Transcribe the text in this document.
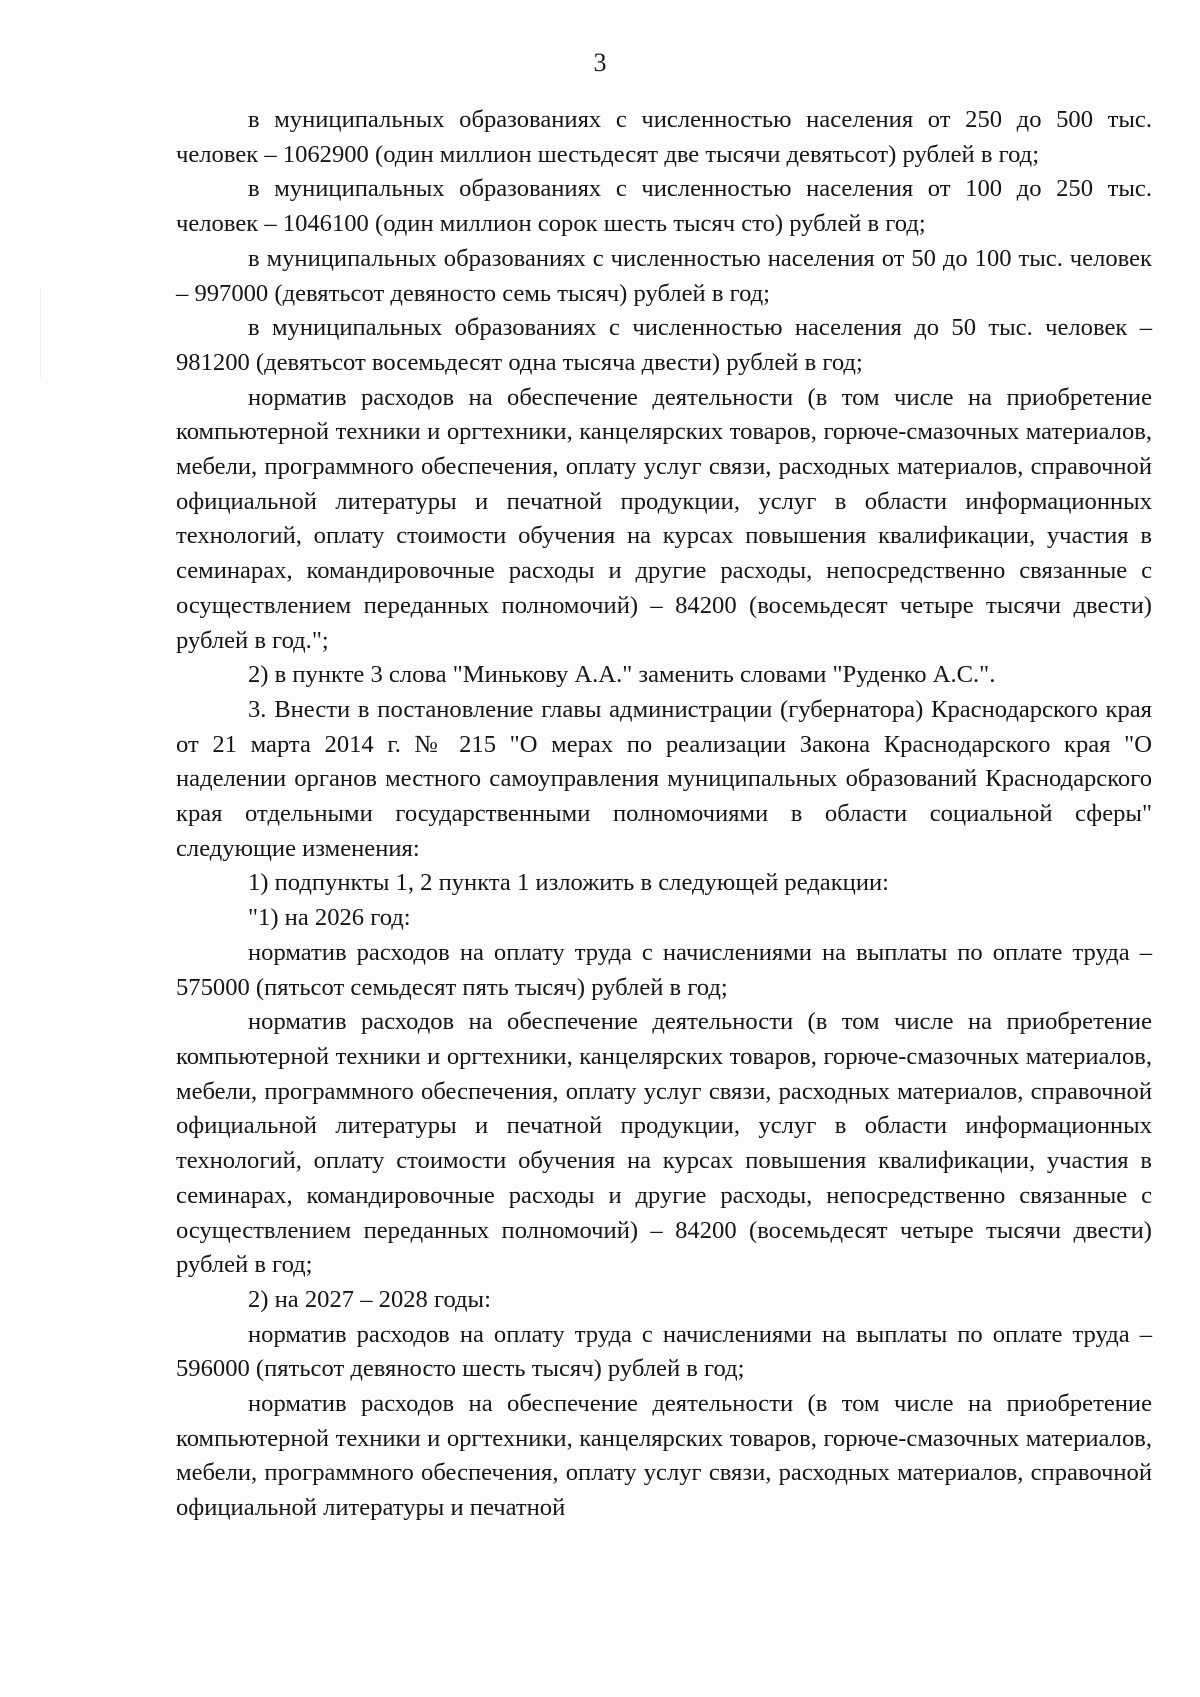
3

в муниципальных образованиях с численностью населения от 250 до 500 тыс. человек – 1062900 (один миллион шестьдесят две тысячи девятьсот) рублей в год;

в муниципальных образованиях с численностью населения от 100 до 250 тыс. человек – 1046100 (один миллион сорок шесть тысяч сто) рублей в год;

в муниципальных образованиях с численностью населения от 50 до 100 тыс. человек – 997000 (девятьсот девяносто семь тысяч) рублей в год;

в муниципальных образованиях с численностью населения до 50 тыс. человек – 981200 (девятьсот восемьдесят одна тысяча двести) рублей в год;

норматив расходов на обеспечение деятельности (в том числе на приобретение компьютерной техники и оргтехники, канцелярских товаров, горюче-смазочных материалов, мебели, программного обеспечения, оплату услуг связи, расходных материалов, справочной официальной литературы и печатной продукции, услуг в области информационных технологий, оплату стоимости обучения на курсах повышения квалификации, участия в семинарах, командировочные расходы и другие расходы, непосредственно связанные с осуществлением переданных полномочий) – 84200 (восемьдесят четыре тысячи двести) рублей в год.";

2) в пункте 3 слова "Минькову А.А." заменить словами "Руденко А.С.".

3. Внести в постановление главы администрации (губернатора) Краснодарского края от 21 марта 2014 г. № 215 "О мерах по реализации Закона Краснодарского края "О наделении органов местного самоуправления муниципальных образований Краснодарского края отдельными государственными полномочиями в области социальной сферы" следующие изменения:

1) подпункты 1, 2 пункта 1 изложить в следующей редакции:

"1) на 2026 год:

норматив расходов на оплату труда с начислениями на выплаты по оплате труда – 575000 (пятьсот семьдесят пять тысяч) рублей в год;

норматив расходов на обеспечение деятельности (в том числе на приобретение компьютерной техники и оргтехники, канцелярских товаров, горюче-смазочных материалов, мебели, программного обеспечения, оплату услуг связи, расходных материалов, справочной официальной литературы и печатной продукции, услуг в области информационных технологий, оплату стоимости обучения на курсах повышения квалификации, участия в семинарах, командировочные расходы и другие расходы, непосредственно связанные с осуществлением переданных полномочий) – 84200 (восемьдесят четыре тысячи двести) рублей в год;

2) на 2027 – 2028 годы:

норматив расходов на оплату труда с начислениями на выплаты по оплате труда – 596000 (пятьсот девяносто шесть тысяч) рублей в год;

норматив расходов на обеспечение деятельности (в том числе на приобретение компьютерной техники и оргтехники, канцелярских товаров, горюче-смазочных материалов, мебели, программного обеспечения, оплату услуг связи, расходных материалов, справочной официальной литературы и печатной
